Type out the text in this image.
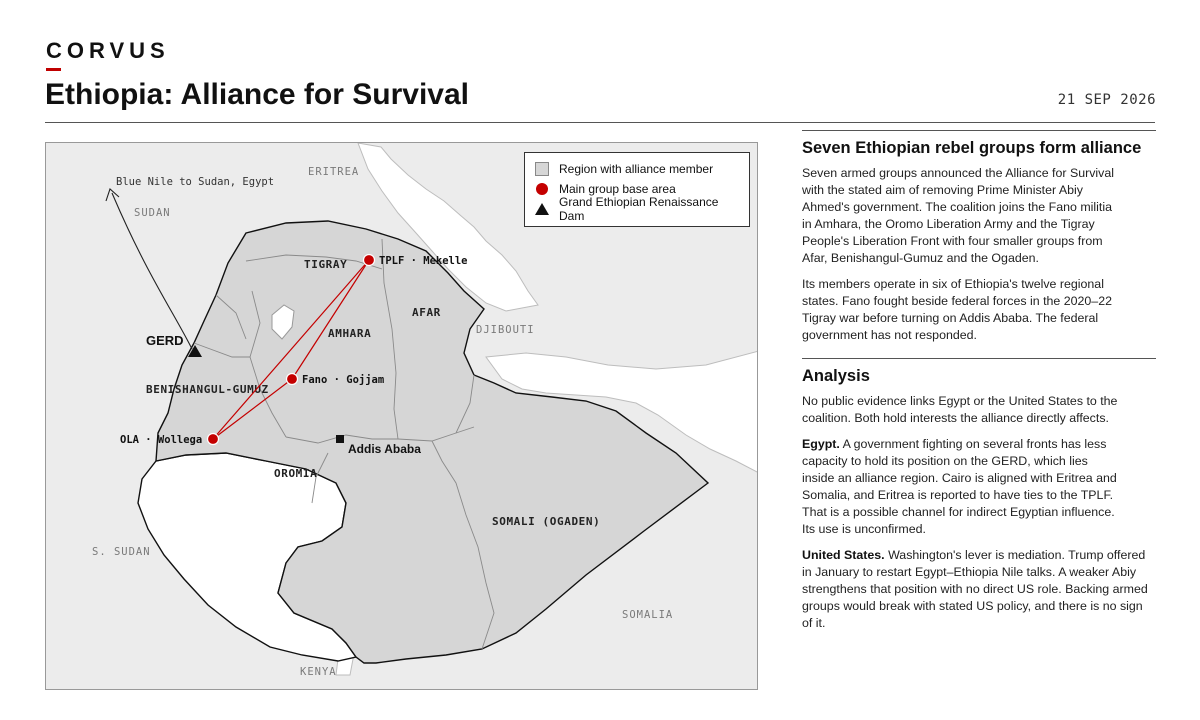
CORVUS
Ethiopia: Alliance for Survival	21 SEP 2026
ERITREA
SUDAN
DJIBOUTI
S. SUDAN
SOMALIA
KENYA
TIGRAY
AFAR
AMHARA
BENISHANGUL-GUMUZ
OROMIA
SOMALI (OGADEN)
Blue Nile to Sudan, Egypt
TPLF · Mekelle
Fano · Gojjam
OLA · Wollega
Addis Ababa
GERD
Region with alliance member
Main group base area
Grand Ethiopian Renaissance Dam
Seven Ethiopian rebel groups form alliance

Seven armed groups announced the Alliance for Survival with the stated aim of removing Prime Minister Abiy Ahmed's government. The coalition joins the Fano militia in Amhara, the Oromo Liberation Army and the Tigray People's Liberation Front with four smaller groups from Afar, Benishangul-Gumuz and the Ogaden.

Its members operate in six of Ethiopia's twelve regional states. Fano fought beside federal forces in the 2020–22 Tigray war before turning on Addis Ababa. The federal government has not responded.

Analysis

No public evidence links Egypt or the United States to the coalition. Both hold interests the alliance directly affects.

Egypt. A government fighting on several fronts has less capacity to hold its position on the GERD, which lies inside an alliance region. Cairo is aligned with Eritrea and Somalia, and Eritrea is reported to have ties to the TPLF. That is a possible channel for indirect Egyptian influence. Its use is unconfirmed.

United States. Washington's lever is mediation. Trump offered in January to restart Egypt–Ethiopia Nile talks. A weaker Abiy strengthens that position with no direct US role. Backing armed groups would break with stated US policy, and there is no sign of it.
